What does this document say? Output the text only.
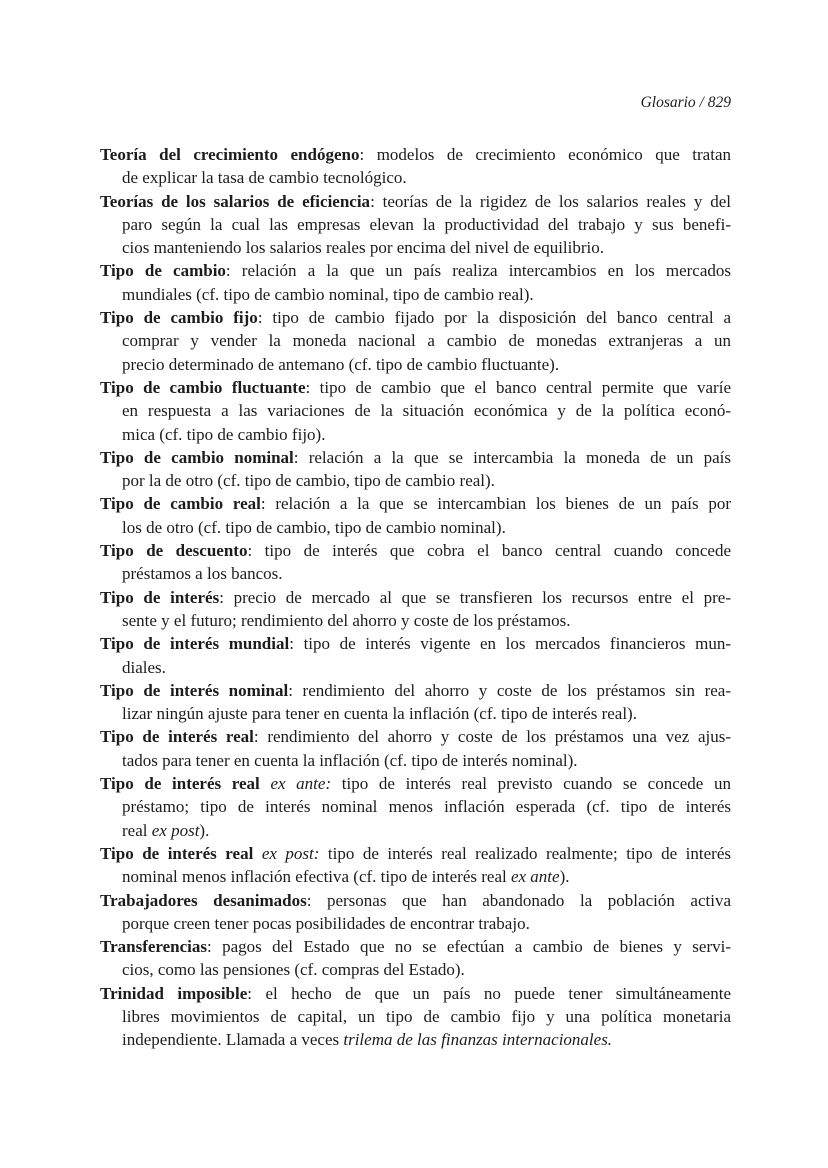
Glosario / 829
Teoría del crecimiento endógeno: modelos de crecimiento económico que tratan
de explicar la tasa de cambio tecnológico.
Teorías de los salarios de eficiencia: teorías de la rigidez de los salarios reales y del
paro según la cual las empresas elevan la productividad del trabajo y sus benefi-
cios manteniendo los salarios reales por encima del nivel de equilibrio.
Tipo de cambio: relación a la que un país realiza intercambios en los mercados
mundiales (cf. tipo de cambio nominal, tipo de cambio real).
Tipo de cambio fijo: tipo de cambio fijado por la disposición del banco central a
comprar y vender la moneda nacional a cambio de monedas extranjeras a un
precio determinado de antemano (cf. tipo de cambio fluctuante).
Tipo de cambio fluctuante: tipo de cambio que el banco central permite que varíe
en respuesta a las variaciones de la situación económica y de la política econó-
mica (cf. tipo de cambio fijo).
Tipo de cambio nominal: relación a la que se intercambia la moneda de un país
por la de otro (cf. tipo de cambio, tipo de cambio real).
Tipo de cambio real: relación a la que se intercambian los bienes de un país por
los de otro (cf. tipo de cambio, tipo de cambio nominal).
Tipo de descuento: tipo de interés que cobra el banco central cuando concede
préstamos a los bancos.
Tipo de interés: precio de mercado al que se transfieren los recursos entre el pre-
sente y el futuro; rendimiento del ahorro y coste de los préstamos.
Tipo de interés mundial: tipo de interés vigente en los mercados financieros mun-
diales.
Tipo de interés nominal: rendimiento del ahorro y coste de los préstamos sin rea-
lizar ningún ajuste para tener en cuenta la inflación (cf. tipo de interés real).
Tipo de interés real: rendimiento del ahorro y coste de los préstamos una vez ajus-
tados para tener en cuenta la inflación (cf. tipo de interés nominal).
Tipo de interés real ex ante: tipo de interés real previsto cuando se concede un
préstamo; tipo de interés nominal menos inflación esperada (cf. tipo de interés
real ex post).
Tipo de interés real ex post: tipo de interés real realizado realmente; tipo de interés
nominal menos inflación efectiva (cf. tipo de interés real ex ante).
Trabajadores desanimados: personas que han abandonado la población activa
porque creen tener pocas posibilidades de encontrar trabajo.
Transferencias: pagos del Estado que no se efectúan a cambio de bienes y servi-
cios, como las pensiones (cf. compras del Estado).
Trinidad imposible: el hecho de que un país no puede tener simultáneamente
libres movimientos de capital, un tipo de cambio fijo y una política monetaria
independiente. Llamada a veces trilema de las finanzas internacionales.
